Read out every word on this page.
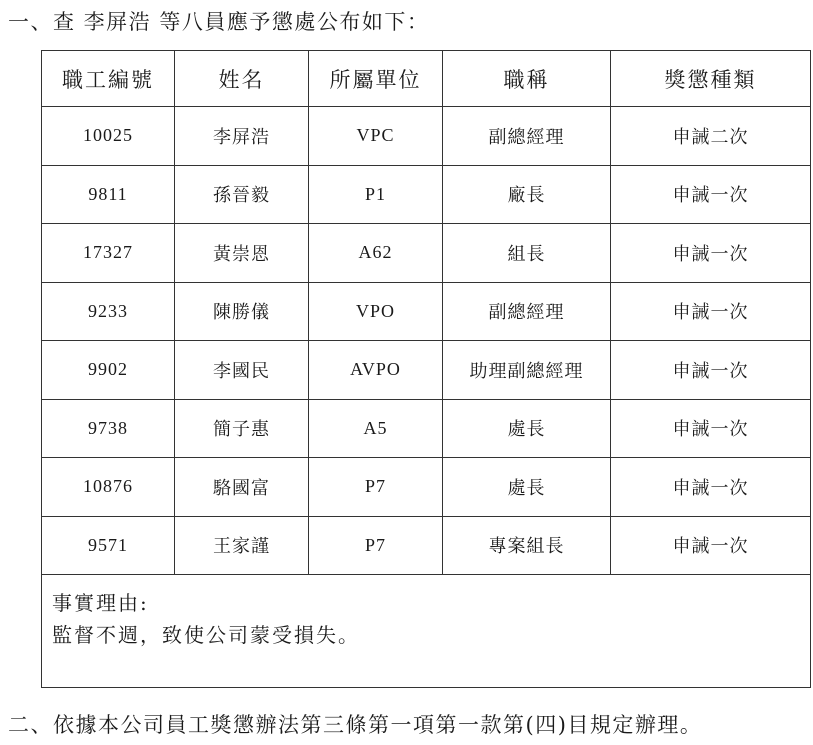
一、查 李屏浩 等八員應予懲處公布如下：
職工編號	姓名	所屬單位	職稱	獎懲種類
10025	李屏浩	VPC	副總經理	申誡二次
9811	孫晉毅	P1	廠長	申誡一次
17327	黃崇恩	A62	組長	申誡一次
9233	陳勝儀	VPO	副總經理	申誡一次
9902	李國民	AVPO	助理副總經理	申誡一次
9738	簡子惠	A5	處長	申誡一次
10876	駱國富	P7	處長	申誡一次
9571	王家謹	P7	專案組長	申誡一次

事實理由:
監督不週，致使公司蒙受損失。				
二、依據本公司員工獎懲辦法第三條第一項第一款第(四)目規定辦理。
